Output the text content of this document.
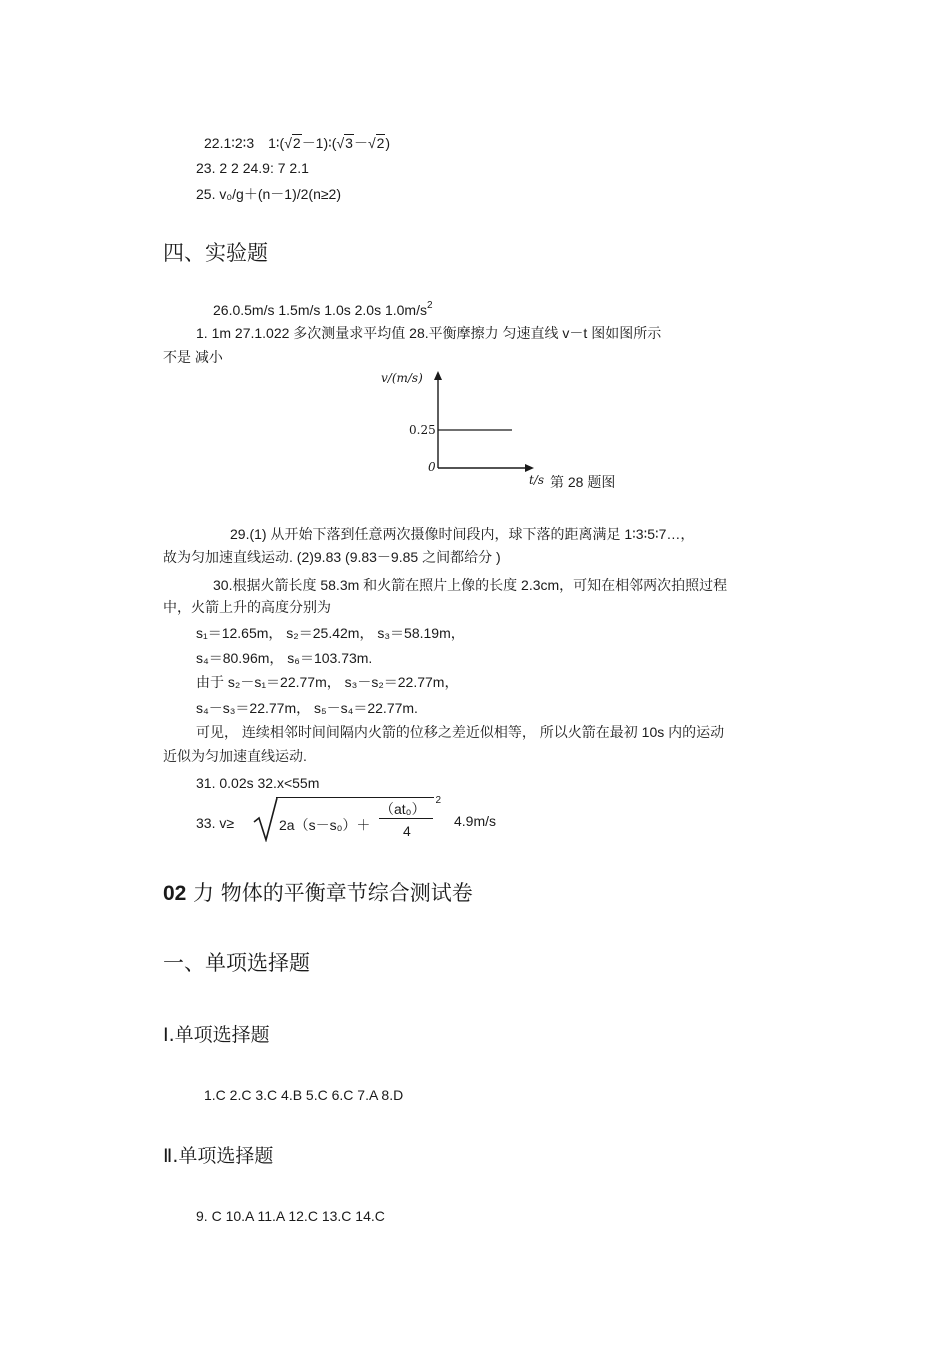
22.1∶2∶3　1∶(√2－1)∶(√3－√2)
23. 2 2 24.9: 7 2.1
25. v₀/g＋(n－1)/2(n≥2)
四、实验题
26.0.5m/s 1.5m/s 1.0s 2.0s $1.0m/s^2$
1. 1m 27.1.022 多次测量求平均值 28.平衡摩擦力 匀速直线 v－t 图如图所示
不是 减小
v/(m/s)
0.25
0
t/s 第 28 题图
29.(1) 从开始下落到任意两次摄像时间段内，球下落的距离满足 1∶3∶5∶7…，
故为匀加速直线运动. (2)9.83 (9.83－9.85 之间都给分 )
30.根据火箭长度 58.3m 和火箭在照片上像的长度 2.3cm，可知在相邻两次拍照过程
中，火箭上升的高度分别为
s₁＝12.65m， s₂＝25.42m， s₃＝58.19m，
s₄＝80.96m， s₆＝103.73m.
由于 s₂－s₁＝22.77m， s₃－s₂＝22.77m，
s₄－s₃＝22.77m， s₅－s₄＝22.77m.
可见， 连续相邻时间间隔内火箭的位移之差近似相等， 所以火箭在最初 10s 内的运动
近似为匀加速直线运动.
31. 0.02s 32.x<55m
33. v≥	2a（s－s₀）＋
$(at_0)^2$
4
4.9m/s
02 力 物体的平衡章节综合测试卷
一、单项选择题
Ⅰ.单项选择题
1.C 2.C 3.C 4.B 5.C 6.C 7.A 8.D
Ⅱ.单项选择题
9. C 10.A 11.A 12.C 13.C 14.C
